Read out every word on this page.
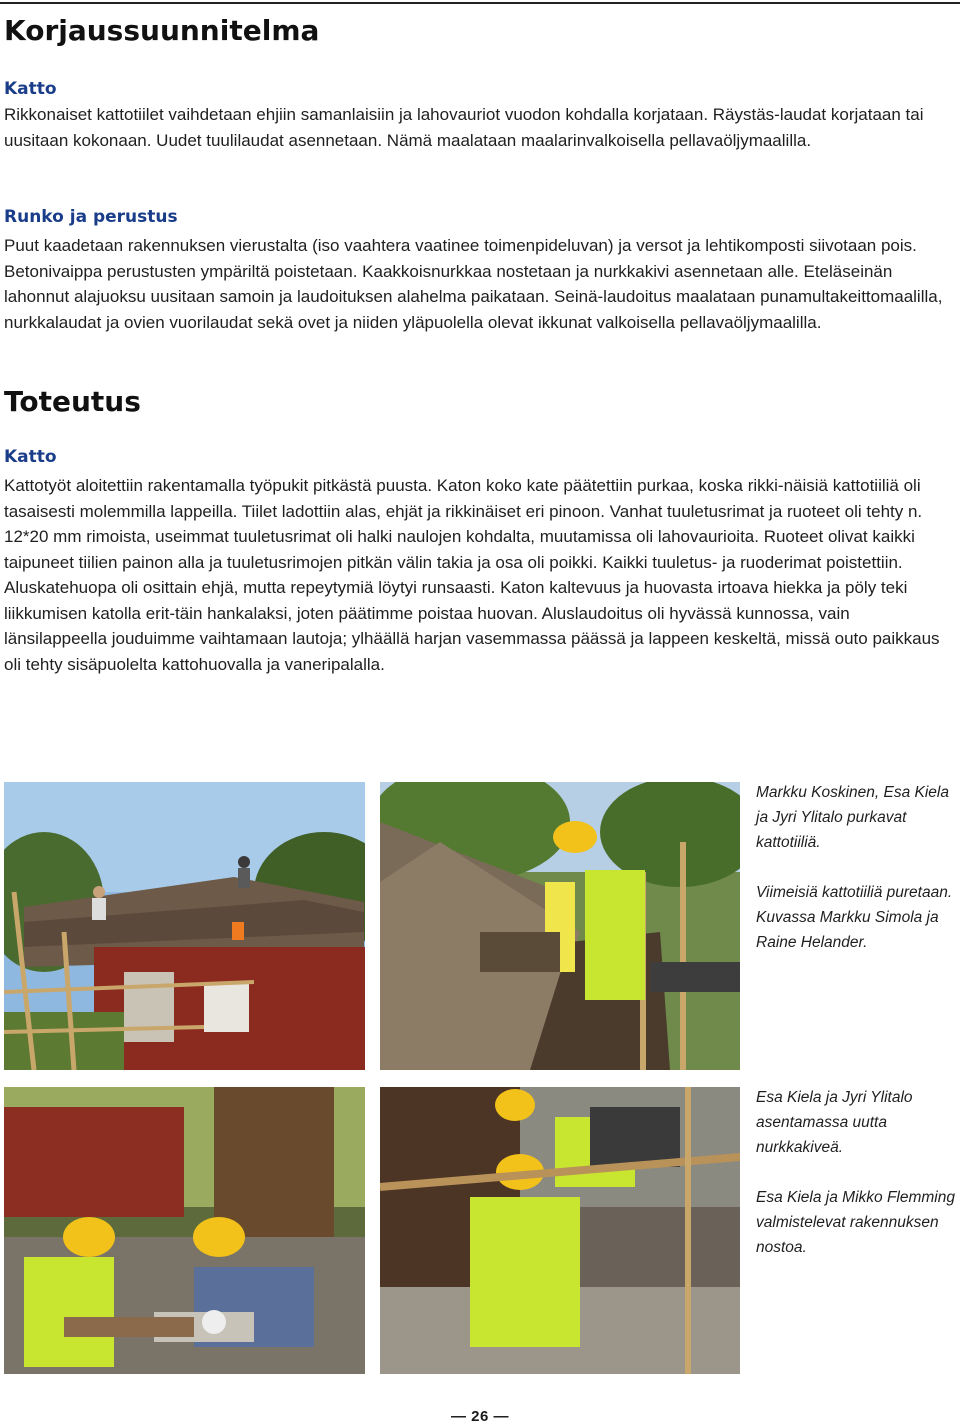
Korjaussuunnitelma
Katto

Rikkonaiset kattotiilet vaihdetaan ehjiin samanlaisiin ja lahovauriot vuodon kohdalla korjataan. Räystäs-laudat korjataan tai uusitaan kokonaan. Uudet tuulilaudat asennetaan. Nämä maalataan maalarinvalkoisella pellavaöljymaalilla.

Runko ja perustus

Puut kaadetaan rakennuksen vierustalta (iso vaahtera vaatinee toimenpideluvan) ja versot ja lehtikomposti siivotaan pois. Betonivaippa perustusten ympäriltä poistetaan. Kaakkoisnurkkaa nostetaan ja nurkkakivi asennetaan alle. Eteläseinän lahonnut alajuoksu uusitaan samoin ja laudoituksen alahelma paikataan. Seinä-laudoitus maalataan punamultakeittomaalilla, nurkkalaudat ja ovien vuorilaudat sekä ovet ja niiden yläpuolella olevat ikkunat valkoisella pellavaöljymaalilla.

Toteutus
Katto

Kattotyöt aloitettiin rakentamalla työpukit pitkästä puusta. Katon koko kate päätettiin purkaa, koska rikki-näisiä kattotiiliä oli tasaisesti molemmilla lappeilla. Tiilet ladottiin alas, ehjät ja rikkinäiset eri pinoon. Vanhat tuuletusrimat ja ruoteet oli tehty n. 12*20 mm rimoista, useimmat tuuletusrimat oli halki naulojen kohdalta, muutamissa oli lahovaurioita. Ruoteet olivat kaikki taipuneet tiilien painon alla ja tuuletusrimojen pitkän välin takia ja osa oli poikki. Kaikki tuuletus- ja ruoderimat poistettiin. Aluskatehuopa oli osittain ehjä, mutta repeytymiä löytyi runsaasti. Katon kaltevuus ja huovasta irtoava hiekka ja pöly teki liikkumisen katolla erit-täin hankalaksi, joten päätimme poistaa huovan. Aluslaudoitus oli hyvässä kunnossa, vain länsilappeella jouduimme vaihtamaan lautoja; ylhäällä harjan vasemmassa päässä ja lappeen keskeltä, missä outo paikkaus oli tehty sisäpuolelta kattohuovalla ja vaneripalalla.

Markku Koskinen, Esa Kiela ja Jyri Ylitalo purkavat kattotiiliä.

Viimeisiä kattotiiliä puretaan. Kuvassa Markku Simola ja Raine Helander.

Esa Kiela ja Jyri Ylitalo asentamassa uutta nurkkakiveä.

Esa Kiela ja Mikko Flemming valmistelevat rakennuksen nostoa.

— 26 —
